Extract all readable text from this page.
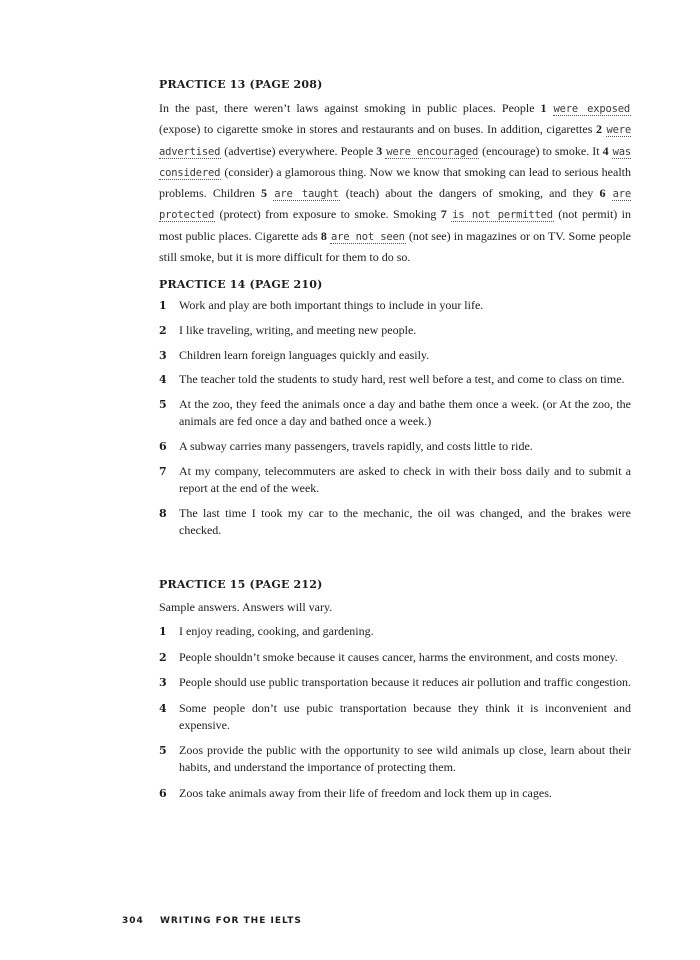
PRACTICE 13 (PAGE 208)

In the past, there weren’t laws against smoking in public places. People 1 were exposed (expose) to cigarette smoke in stores and restaurants and on buses. In addition, cigarettes 2 were advertised (advertise) everywhere. People 3 were encouraged (encourage) to smoke. It 4 was considered (consider) a glamorous thing. Now we know that smoking can lead to serious health problems. Children 5 are taught (teach) about the dangers of smoking, and they 6 are protected (protect) from exposure to smoke. Smoking 7 is not permitted (not permit) in most public places. Cigarette ads 8 are not seen (not see) in magazines or on TV. Some people still smoke, but it is more difficult for them to do so.

PRACTICE 14 (PAGE 210)
1 Work and play are both important things to include in your life.
2 I like traveling, writing, and meeting new people.
3 Children learn foreign languages quickly and easily.
4 The teacher told the students to study hard, rest well before a test, and come to class on time.
5 At the zoo, they feed the animals once a day and bathe them once a week. (or At the zoo, the animals are fed once a day and bathed once a week.)
6 A subway carries many passengers, travels rapidly, and costs little to ride.
7 At my company, telecommuters are asked to check in with their boss daily and to submit a report at the end of the week.
8 The last time I took my car to the mechanic, the oil was changed, and the brakes were checked.
PRACTICE 15 (PAGE 212)
Sample answers. Answers will vary.
1 I enjoy reading, cooking, and gardening.
2 People shouldn’t smoke because it causes cancer, harms the environment, and costs money.
3 People should use public transportation because it reduces air pollution and traffic congestion.
4 Some people don’t use pubic transportation because they think it is inconvenient and expensive.
5 Zoos provide the public with the opportunity to see wild animals up close, learn about their habits, and understand the importance of protecting them.
6 Zoos take animals away from their life of freedom and lock them up in cages.
304 WRITING FOR THE IELTS
